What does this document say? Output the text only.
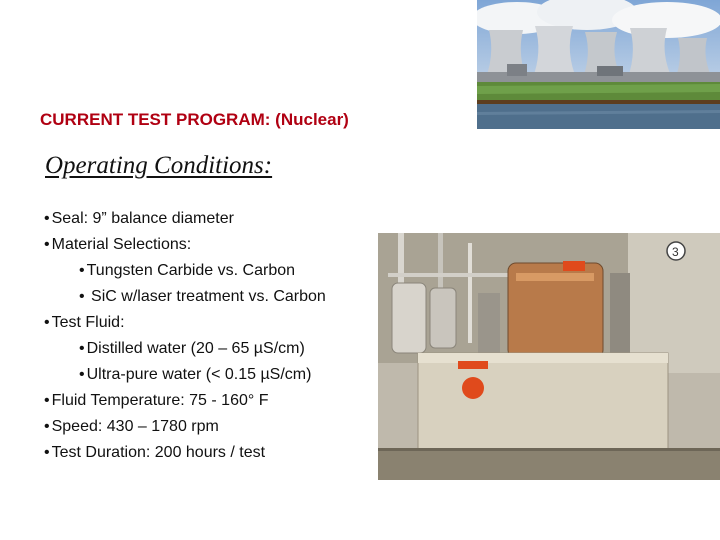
CURRENT TEST PROGRAM: (Nuclear)
Operating Conditions:
• Seal: 9” balance diameter
• Material Selections:
• Tungsten Carbide vs. Carbon
• SiC w/laser treatment vs. Carbon
• Test Fluid:
• Distilled water (20 – 65 µS/cm)
• Ultra-pure water (< 0.15 µS/cm)
• Fluid Temperature: 75 - 160° F
• Speed: 430 – 1780 rpm
• Test Duration: 200 hours / test
3
